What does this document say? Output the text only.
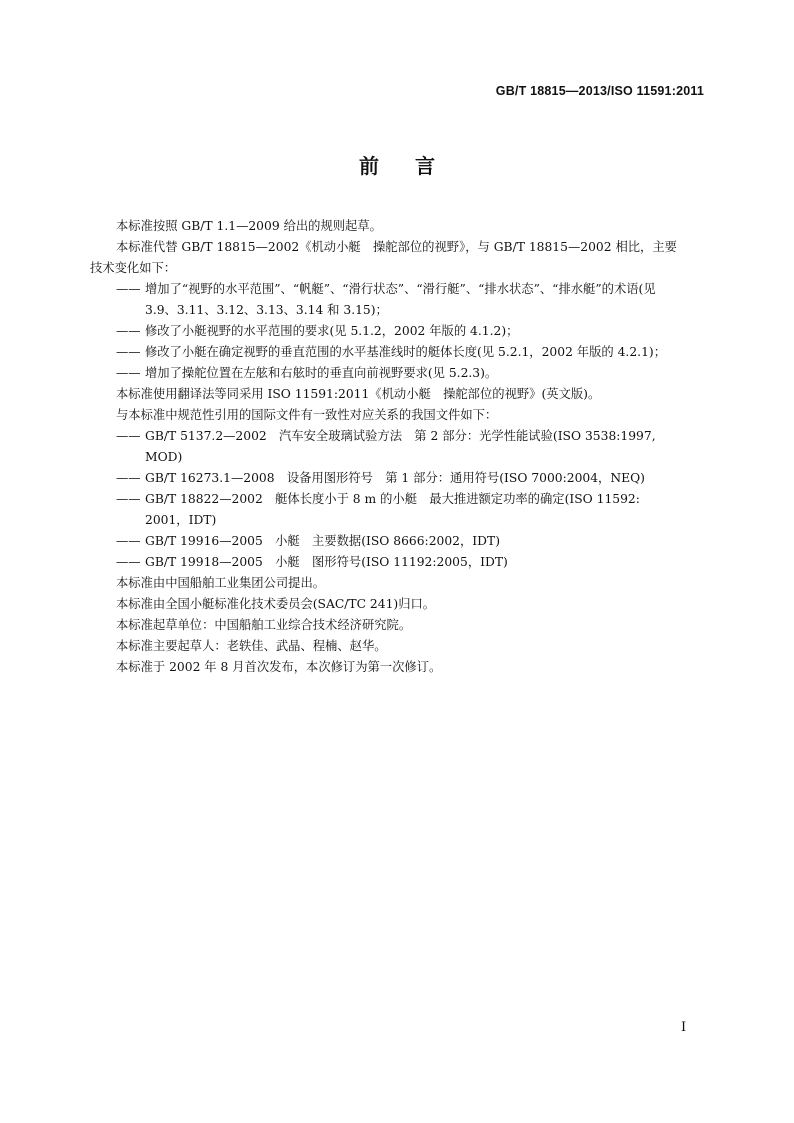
GB/T 18815—2013/ISO 11591:2011
前言

本标准按照 GB/T 1.1—2009 给出的规则起草。

本标准代替 GB/T 18815—2002《机动小艇　操舵部位的视野》，与 GB/T 18815—2002 相比，主要

技术变化如下：

—— 增加了“视野的水平范围”、“帆艇”、“滑行状态”、“滑行艇”、“排水状态”、“排水艇”的术语(见
3.9、3.11、3.12、3.13、3.14 和 3.15)；

—— 修改了小艇视野的水平范围的要求(见 5.1.2，2002 年版的 4.1.2)；

—— 修改了小艇在确定视野的垂直范围的水平基准线时的艇体长度(见 5.2.1，2002 年版的 4.2.1)；

—— 增加了操舵位置在左舷和右舷时的垂直向前视野要求(见 5.2.3)。

本标准使用翻译法等同采用 ISO 11591:2011《机动小艇　操舵部位的视野》(英文版)。

与本标准中规范性引用的国际文件有一致性对应关系的我国文件如下：

—— GB/T 5137.2—2002　汽车安全玻璃试验方法　第 2 部分：光学性能试验(ISO 3538:1997,
MOD)

—— GB/T 16273.1—2008　设备用图形符号　第 1 部分：通用符号(ISO 7000:2004，NEQ)

—— GB/T 18822—2002　艇体长度小于 8 m 的小艇　最大推进额定功率的确定(ISO 11592:
2001，IDT)

—— GB/T 19916—2005　小艇　主要数据(ISO 8666:2002，IDT)

—— GB/T 19918—2005　小艇　图形符号(ISO 11192:2005，IDT)

本标准由中国船舶工业集团公司提出。

本标准由全国小艇标准化技术委员会(SAC/TC 241)归口。

本标准起草单位：中国船舶工业综合技术经济研究院。

本标准主要起草人：老轶佳、武晶、程楠、赵华。

本标准于 2002 年 8 月首次发布，本次修订为第一次修订。

I
